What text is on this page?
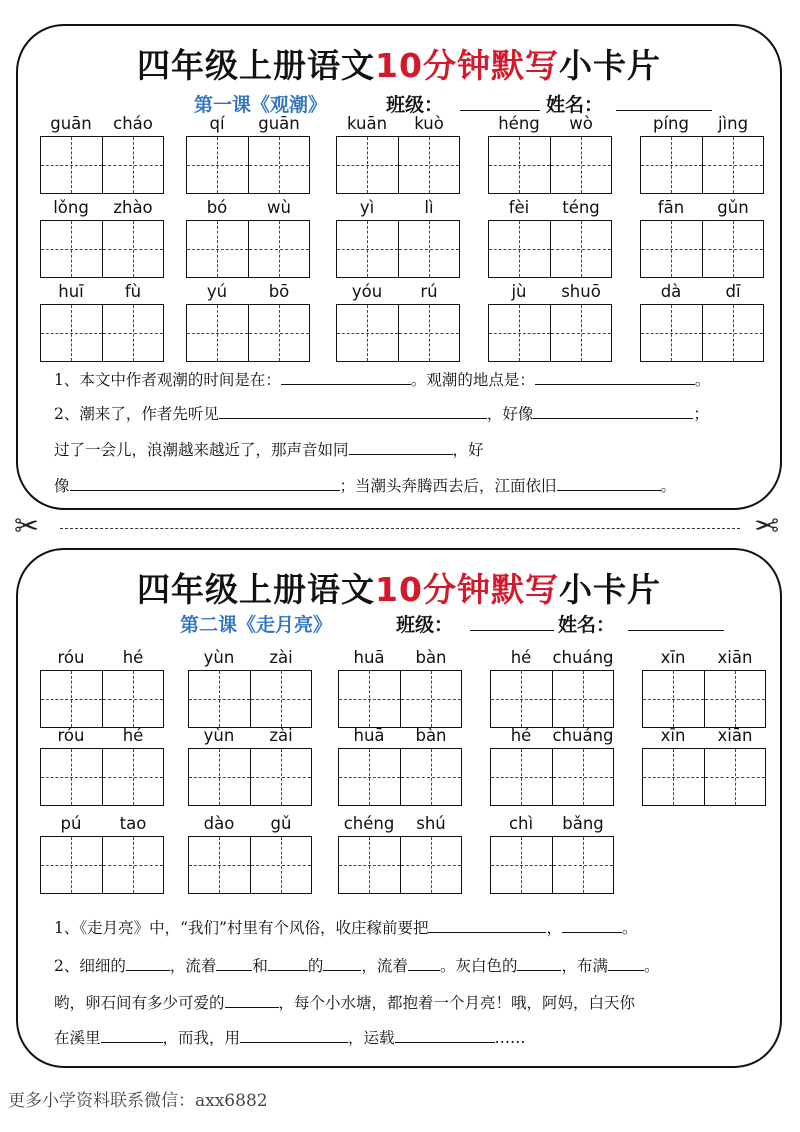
四年级上册语文10分钟默写小卡片
第一课《观潮》	班级：	姓名：
guān	cháo	qí	guān	kuān	kuò	héng	wò	píng	jìng
lǒng	zhào	bó	wù	yì	lì	fèi	téng	fān	gǔn
huī	fù	yú	bō	yóu	rú	jù	shuō	dà	dī
1、本文中作者观潮的时间是在：	。观潮的地点是：	。
2、潮来了，作者先听见	，好像	；
过了一会儿，浪潮越来越近了，那声音如同	，好
像	；当潮头奔腾西去后，江面依旧	。
✂	✂
四年级上册语文10分钟默写小卡片
第二课《走月亮》	班级：	姓名：
róu	hé	yùn	zài	huā	bàn	hé	chuáng	xīn	xiān
róu	hé	yùn	zài	huā	bàn	hé	chuáng	xīn	xiān
pú	tao	dào	gǔ	chéng	shú	chì	bǎng
1、《走月亮》中，“我们”村里有个风俗，收庄稼前要把	，	。
2、细细的	，流着 和	的 ，流着 。灰白色的	，布满 。
哟，卵石间有多少可爱的	，每个小水塘，都抱着一个月亮！哦，阿妈，白天你
在溪里	，而我，用	，运载	……
更多小学资料联系微信：axx6882
